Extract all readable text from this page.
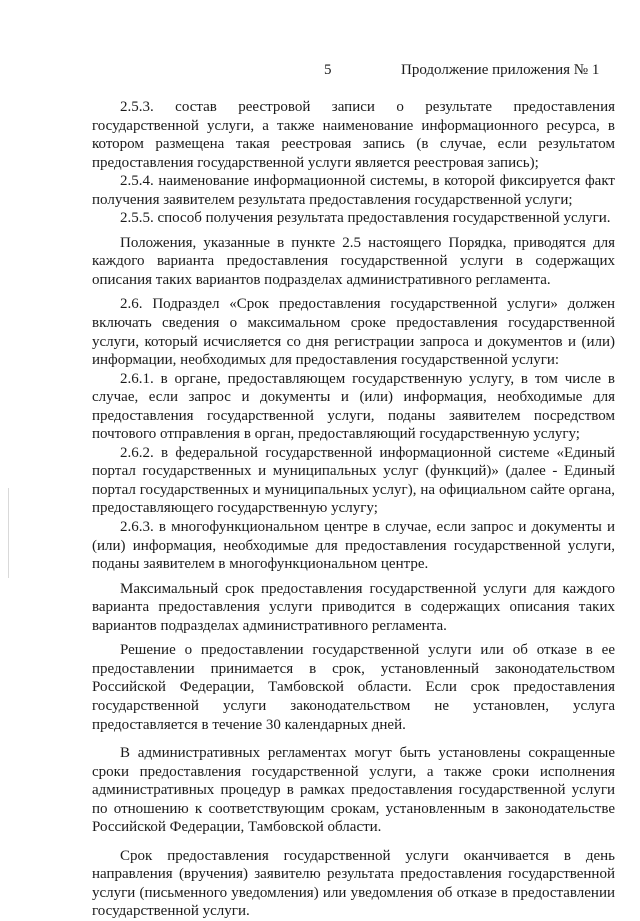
5	Продолжение приложения № 1

2.5.3. состав реестровой записи о результате предоставления государственной услуги, а также наименование информационного ресурса, в котором размещена такая реестровая запись (в случае, если результатом предоставления государственной услуги является реестровая запись);

2.5.4. наименование информационной системы, в которой фиксируется факт получения заявителем результата предоставления государственной услуги;

2.5.5. способ получения результата предоставления государственной услуги.

Положения, указанные в пункте 2.5 настоящего Порядка, приводятся для каждого варианта предоставления государственной услуги в содержащих описания таких вариантов подразделах административного регламента.

2.6. Подраздел «Срок предоставления государственной услуги» должен включать сведения о максимальном сроке предоставления государственной услуги, который исчисляется со дня регистрации запроса и документов и (или) информации, необходимых для предоставления государственной услуги:

2.6.1. в органе, предоставляющем государственную услугу, в том числе в случае, если запрос и документы и (или) информация, необходимые для предоставления государственной услуги, поданы заявителем посредством почтового отправления в орган, предоставляющий государственную услугу;

2.6.2. в федеральной государственной информационной системе «Единый портал государственных и муниципальных услуг (функций)» (далее - Единый портал государственных и муниципальных услуг), на официальном сайте органа, предоставляющего государственную услугу;

2.6.3. в многофункциональном центре в случае, если запрос и документы и (или) информация, необходимые для предоставления государственной услуги, поданы заявителем в многофункциональном центре.

Максимальный срок предоставления государственной услуги для каждого варианта предоставления услуги приводится в содержащих описания таких вариантов подразделах административного регламента.

Решение о предоставлении государственной услуги или об отказе в ее предоставлении принимается в срок, установленный законодательством Российской Федерации, Тамбовской области. Если срок предоставления государственной услуги законодательством не установлен, услуга предоставляется в течение 30 календарных дней.

В административных регламентах могут быть установлены сокращенные сроки предоставления государственной услуги, а также сроки исполнения административных процедур в рамках предоставления государственной услуги по отношению к соответствующим срокам, установленным в законодательстве Российской Федерации, Тамбовской области.

Срок предоставления государственной услуги оканчивается в день направления (вручения) заявителю результата предоставления государственной услуги (письменного уведомления) или уведомления об отказе в предоставлении государственной услуги.
